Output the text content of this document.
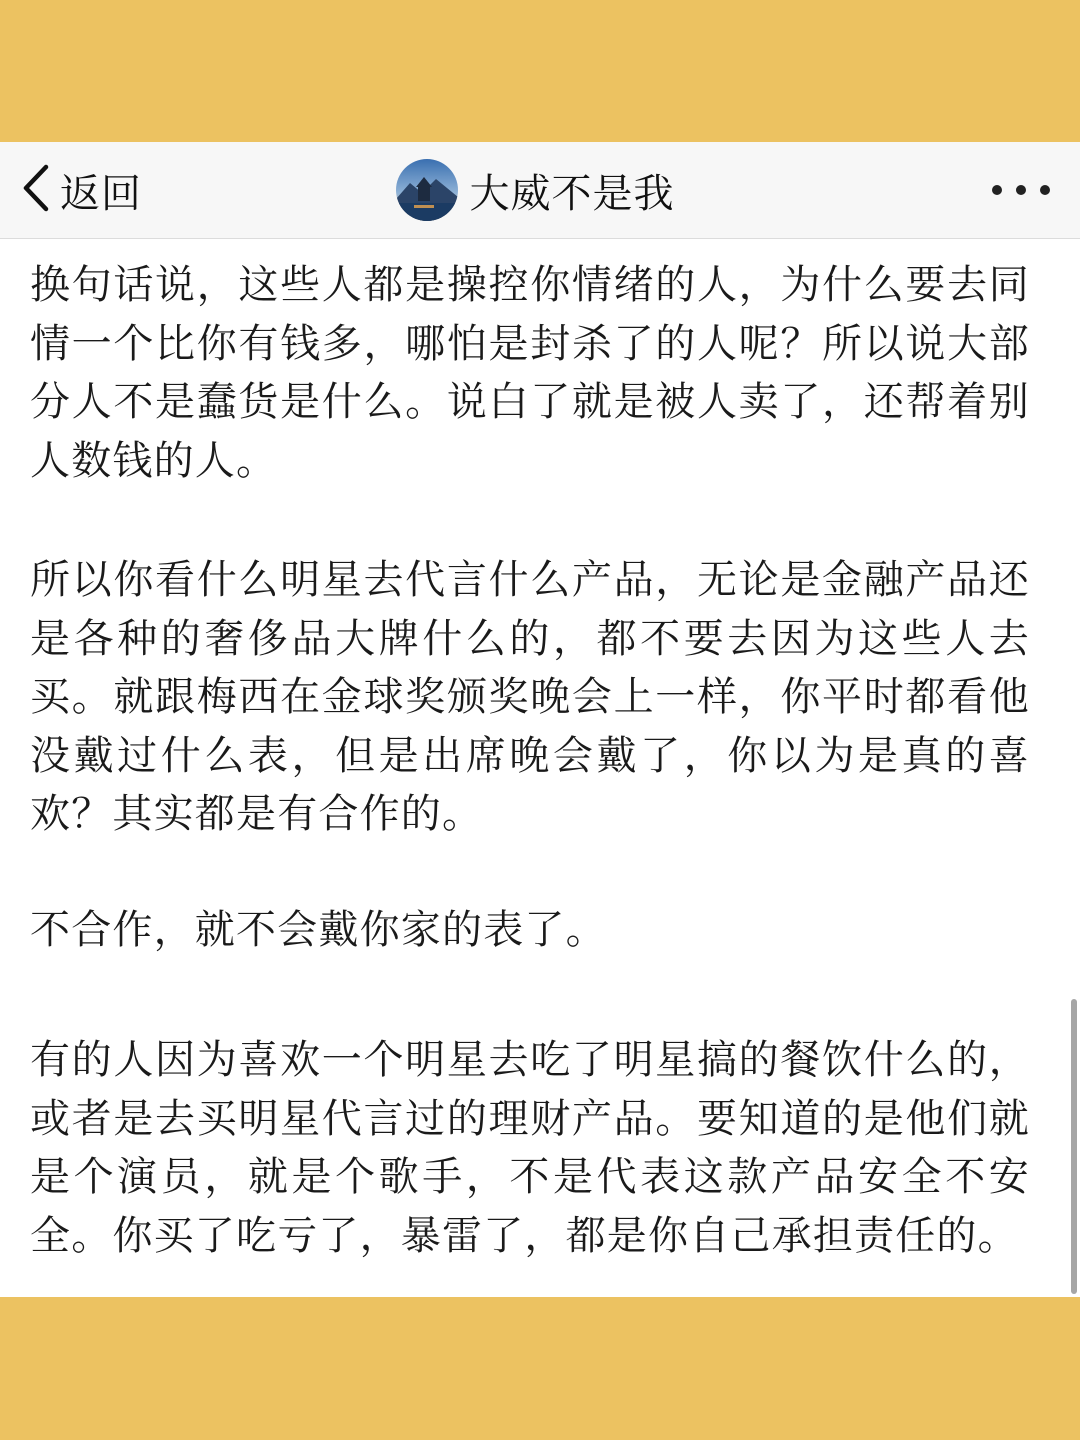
返回	大威不是我

换句话说，这些人都是操控你情绪的人，为什么要去同情一个比你有钱多，哪怕是封杀了的人呢？所以说大部分人不是蠢货是什么。说白了就是被人卖了，还帮着别人数钱的人。

所以你看什么明星去代言什么产品，无论是金融产品还是各种的奢侈品大牌什么的，都不要去因为这些人去买。就跟梅西在金球奖颁奖晚会上一样，你平时都看他没戴过什么表，但是出席晚会戴了，你以为是真的喜欢？其实都是有合作的。

不合作，就不会戴你家的表了。

有的人因为喜欢一个明星去吃了明星搞的餐饮什么的，或者是去买明星代言过的理财产品。要知道的是他们就是个演员，就是个歌手，不是代表这款产品安全不安全。你买了吃亏了，暴雷了，都是你自己承担责任的。
